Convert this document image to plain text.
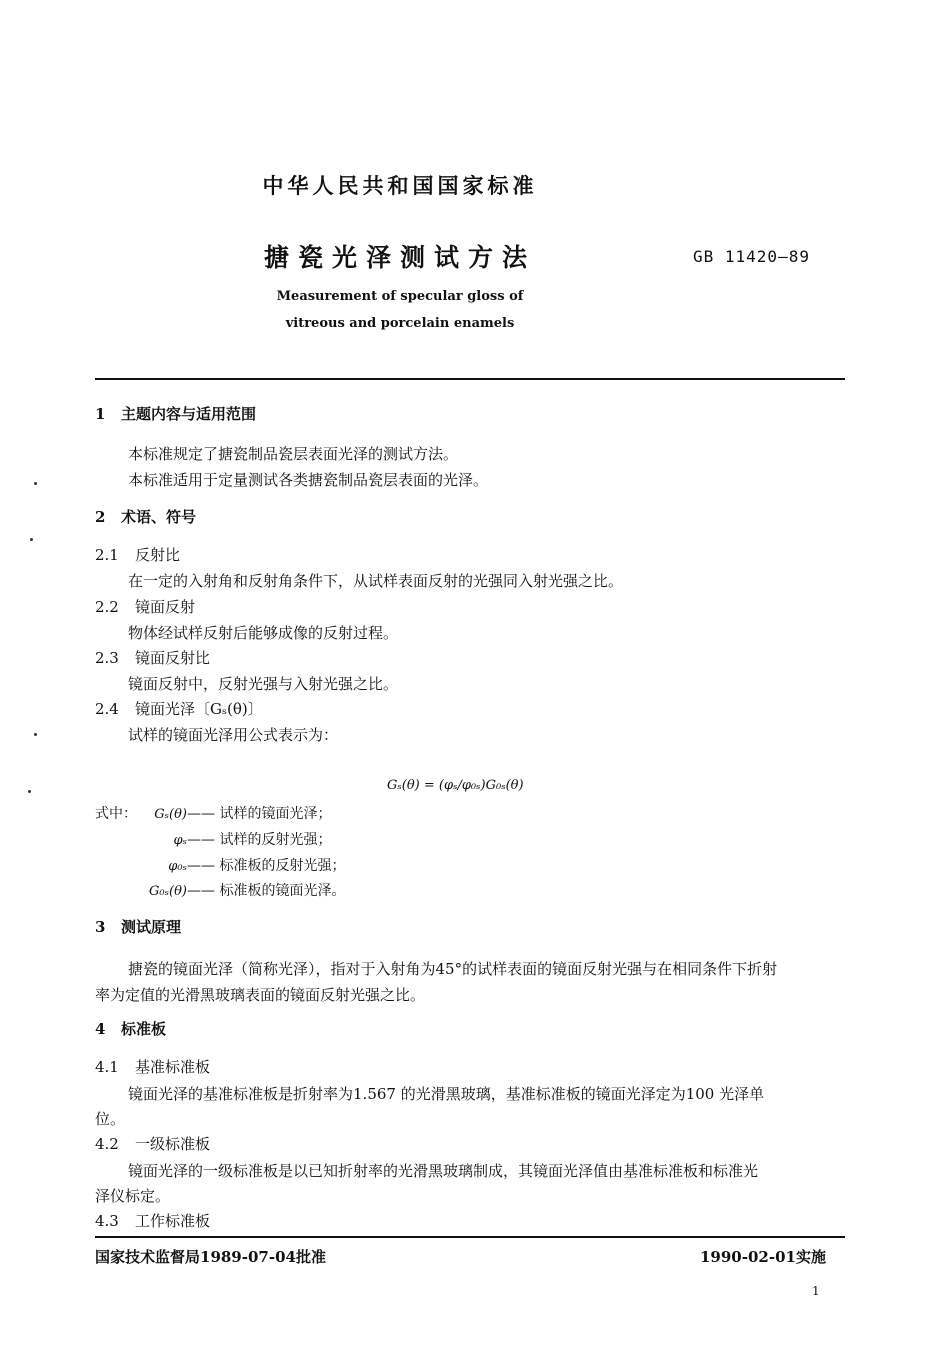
中华人民共和国国家标准
搪瓷光泽测试方法	GB 11420—89
Measurement of specular gloss of
vitreous and porcelain enamels
1 主题内容与适用范围
本标准规定了搪瓷制品瓷层表面光泽的测试方法。
本标准适用于定量测试各类搪瓷制品瓷层表面的光泽。
2 术语、符号
2.1 反射比
在一定的入射角和反射角条件下，从试样表面反射的光强同入射光强之比。
2.2 镜面反射
物体经试样反射后能够成像的反射过程。
2.3 镜面反射比
镜面反射中，反射光强与入射光强之比。
2.4 镜面光泽〔Gₛ(θ)〕
试样的镜面光泽用公式表示为：
Gₛ(θ) = (φₛ/φ₀ₛ)G₀ₛ(θ)
式中： Gₛ(θ)—— 试样的镜面光泽；
φₛ—— 试样的反射光强；
φ₀ₛ—— 标准板的反射光强；
G₀ₛ(θ)—— 标准板的镜面光泽。
3 测试原理
搪瓷的镜面光泽（简称光泽），指对于入射角为45°的试样表面的镜面反射光强与在相同条件下折射
率为定值的光滑黑玻璃表面的镜面反射光强之比。
4 标准板
4.1 基准标准板
镜面光泽的基准标准板是折射率为1.567 的光滑黑玻璃，基准标准板的镜面光泽定为100 光泽单
位。
4.2 一级标准板
镜面光泽的一级标准板是以已知折射率的光滑黑玻璃制成，其镜面光泽值由基准标准板和标准光
泽仪标定。
4.3 工作标准板
国家技术监督局1989-07-04批准	1990-02-01实施
1
